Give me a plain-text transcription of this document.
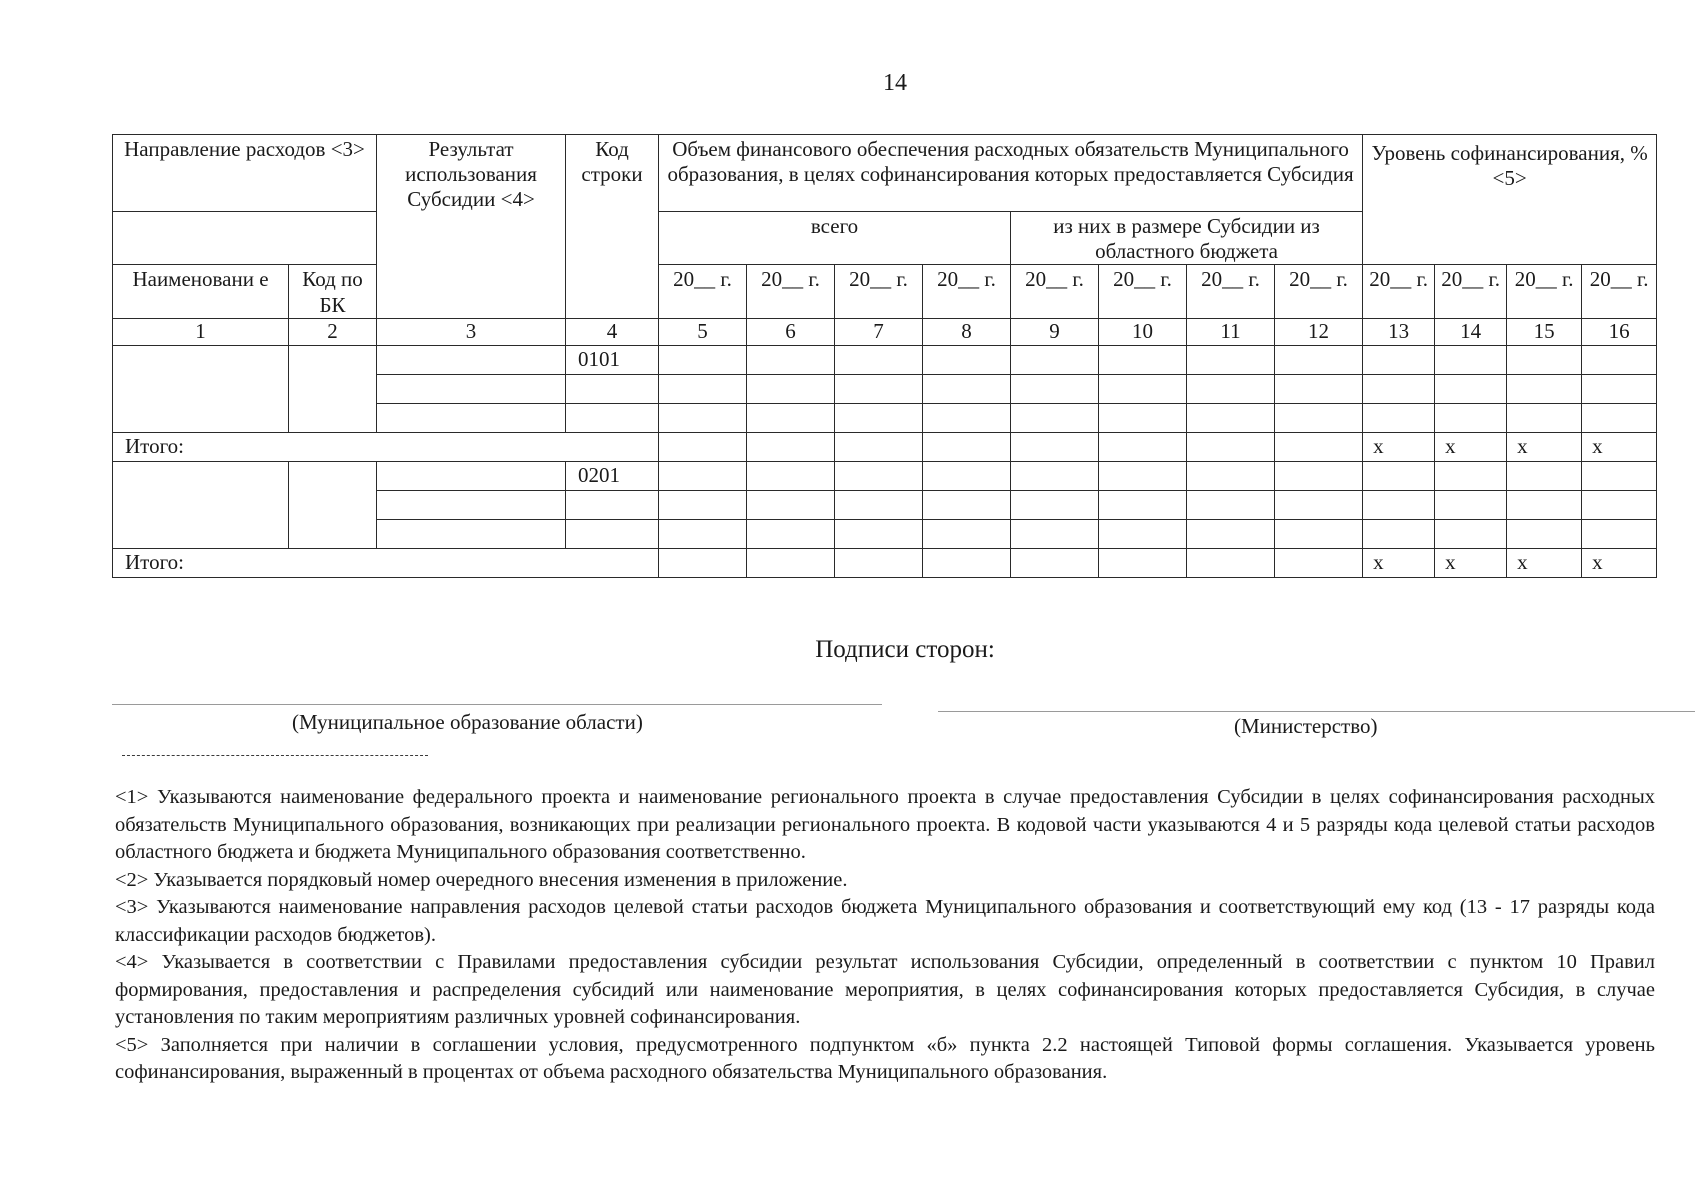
14
Направление расходов <3>		Результат использования Субсидии <4>	Код строки	Объем финансового обеспечения расходных обязательств Муниципального образования, в целях софинансирования которых предоставляется Субсидия								Уровень софинансирования, % <5>			

				всего				из них в размере Субсидии из областного бюджета							

Наименовани е	Код по БК			20__ г.	20__ г.	20__ г.	20__ г.	20__ г.	20__ г.	20__ г.	20__ г.	20__ г.	20__ г.	20__ г.	20__ г.

1	2	3	4	5	6	7	8	9	10	11	12	13	14	15	16
			0101												

Итого:												х	х	х	х
			0201												

Итого:												х	х	х	х
Подписи сторон:
(Муниципальное образование области)	(Министерство)

<1> Указываются наименование федерального проекта и наименование регионального проекта в случае предоставления Субсидии в целях софинансирования расходных обязательств Муниципального образования, возникающих при реализации регионального проекта. В кодовой части указываются 4 и 5 разряды кода целевой статьи расходов областного бюджета и бюджета Муниципального образования соответственно.

<2> Указывается порядковый номер очередного внесения изменения в приложение.

<3> Указываются наименование направления расходов целевой статьи расходов бюджета Муниципального образования и соответствующий ему код (13 - 17 разряды кода классификации расходов бюджетов).

<4> Указывается в соответствии с Правилами предоставления субсидии результат использования Субсидии, определенный в соответствии с пунктом 10 Правил формирования, предоставления и распределения субсидий или наименование мероприятия, в целях софинансирования которых предоставляется Субсидия, в случае установления по таким мероприятиям различных уровней софинансирования.

<5> Заполняется при наличии в соглашении условия, предусмотренного подпунктом «б» пункта 2.2 настоящей Типовой формы соглашения. Указывается уровень софинансирования, выраженный в процентах от объема расходного обязательства Муниципального образования.
